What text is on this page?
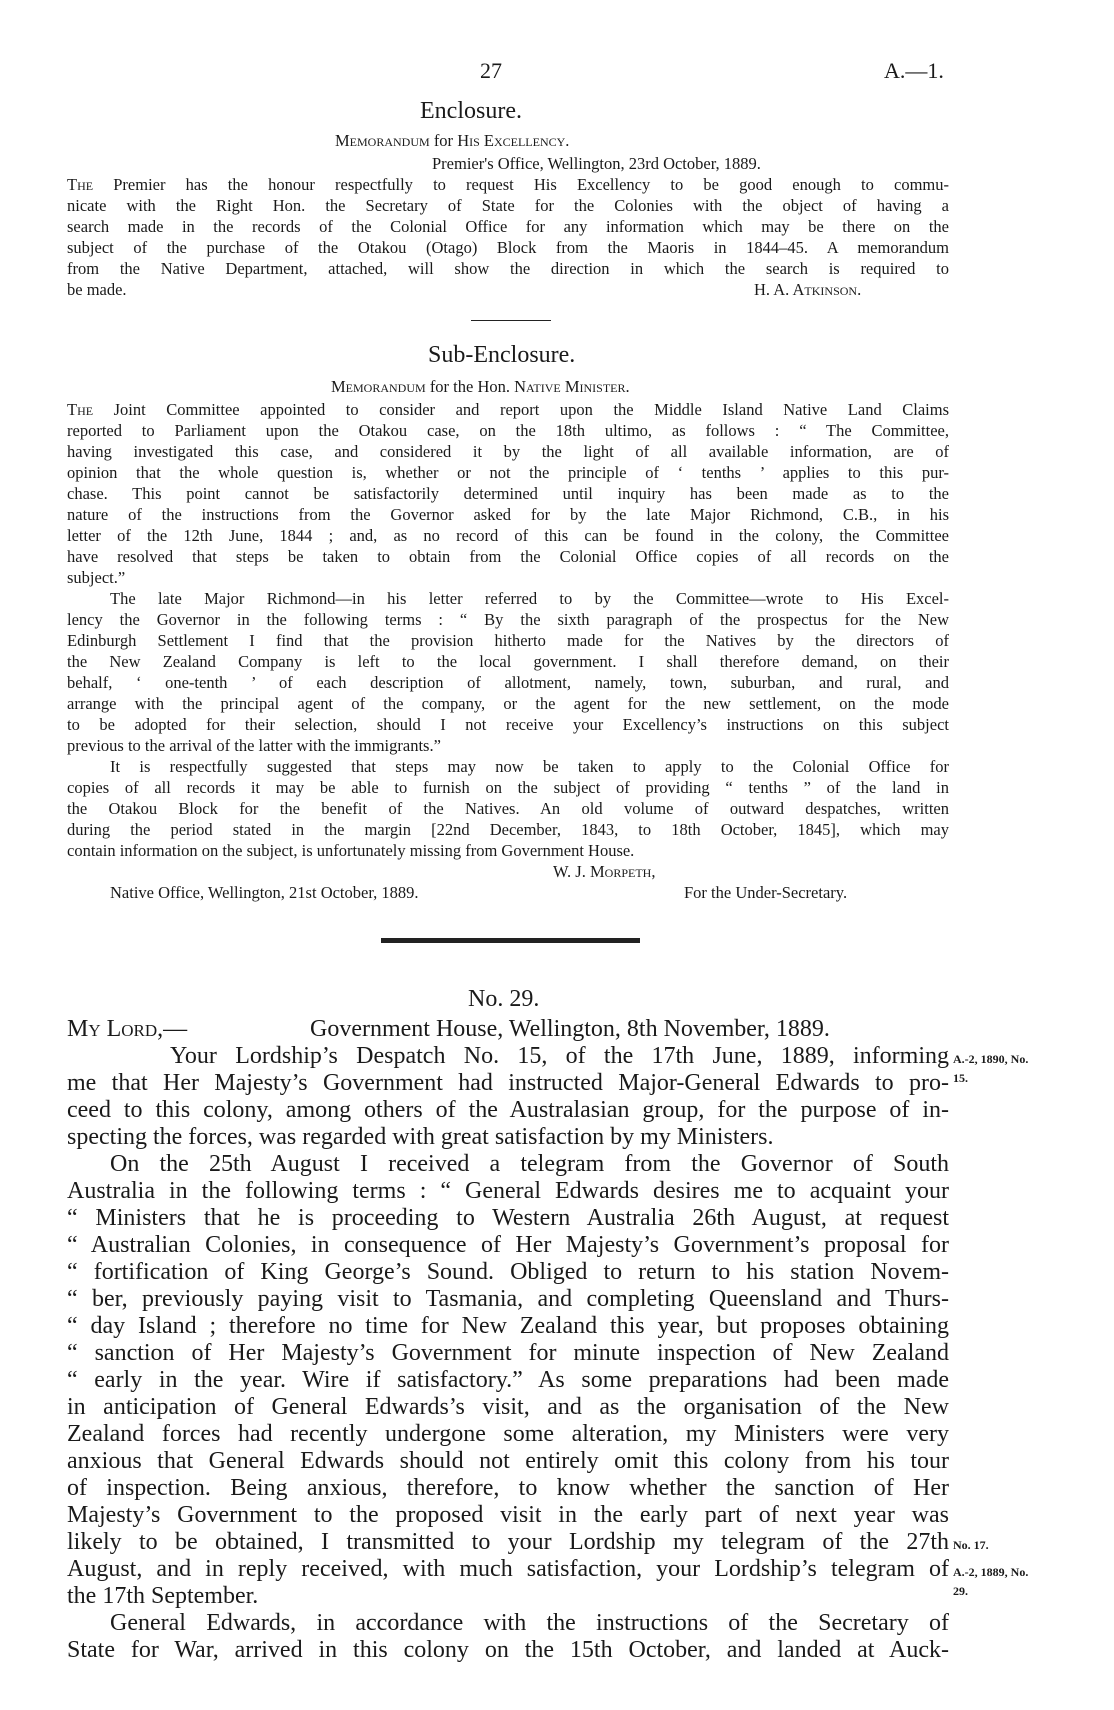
27	A.—1.
Enclosure.
Memorandum for His Excellency.
Premier's Office, Wellington, 23rd October, 1889.
The Premier has the honour respectfully to request His Excellency to be good enough to commu-
nicate with the Right Hon. the Secretary of State for the Colonies with the object of having a
search made in the records of the Colonial Office for any information which may be there on the
subject of the purchase of the Otakou (Otago) Block from the Maoris in 1844–45. A memorandum
from the Native Department, attached, will show the direction in which the search is required to
be made.	H. A. Atkinson.
Sub-Enclosure.
Memorandum for the Hon. Native Minister.
The Joint Committee appointed to consider and report upon the Middle Island Native Land Claims
reported to Parliament upon the Otakou case, on the 18th ultimo, as follows : “ The Committee,
having investigated this case, and considered it by the light of all available information, are of
opinion that the whole question is, whether or not the principle of ‘ tenths ’ applies to this pur-
chase. This point cannot be satisfactorily determined until inquiry has been made as to the
nature of the instructions from the Governor asked for by the late Major Richmond, C.B., in his
letter of the 12th June, 1844 ; and, as no record of this can be found in the colony, the Committee
have resolved that steps be taken to obtain from the Colonial Office copies of all records on the
subject.”
The late Major Richmond—in his letter referred to by the Committee—wrote to His Excel-
lency the Governor in the following terms : “ By the sixth paragraph of the prospectus for the New
Edinburgh Settlement I find that the provision hitherto made for the Natives by the directors of
the New Zealand Company is left to the local government. I shall therefore demand, on their
behalf, ‘ one-tenth ’ of each description of allotment, namely, town, suburban, and rural, and
arrange with the principal agent of the company, or the agent for the new settlement, on the mode
to be adopted for their selection, should I not receive your Excellency’s instructions on this subject
previous to the arrival of the latter with the immigrants.”
It is respectfully suggested that steps may now be taken to apply to the Colonial Office for
copies of all records it may be able to furnish on the subject of providing “ tenths ” of the land in
the Otakou Block for the benefit of the Natives. An old volume of outward despatches, written
during the period stated in the margin [22nd December, 1843, to 18th October, 1845], which may
contain information on the subject, is unfortunately missing from Government House.
W. J. Morpeth,
Native Office, Wellington, 21st October, 1889.	For the Under-Secretary.
No. 29.
My Lord,—	Government House, Wellington, 8th November, 1889.
Your Lordship’s Despatch No. 15, of the 17th June, 1889, informing
me that Her Majesty’s Government had instructed Major-General Edwards to pro-
ceed to this colony, among others of the Australasian group, for the purpose of in-
specting the forces, was regarded with great satisfaction by my Ministers.
On the 25th August I received a telegram from the Governor of South
Australia in the following terms : “ General Edwards desires me to acquaint your
“ Ministers that he is proceeding to Western Australia 26th August, at request
“ Australian Colonies, in consequence of Her Majesty’s Government’s proposal for
“ fortification of King George’s Sound. Obliged to return to his station Novem-
“ ber, previously paying visit to Tasmania, and completing Queensland and Thurs-
“ day Island ; therefore no time for New Zealand this year, but proposes obtaining
“ sanction of Her Majesty’s Government for minute inspection of New Zealand
“ early in the year. Wire if satisfactory.” As some preparations had been made
in anticipation of General Edwards’s visit, and as the organisation of the New
Zealand forces had recently undergone some alteration, my Ministers were very
anxious that General Edwards should not entirely omit this colony from his tour
of inspection. Being anxious, therefore, to know whether the sanction of Her
Majesty’s Government to the proposed visit in the early part of next year was
likely to be obtained, I transmitted to your Lordship my telegram of the 27th
August, and in reply received, with much satisfaction, your Lordship’s telegram of
the 17th September.
General Edwards, in accordance with the instructions of the Secretary of
State for War, arrived in this colony on the 15th October, and landed at Auck-
A.-2, 1890, No.
15.
No. 17.
A.-2, 1889, No.
29.
